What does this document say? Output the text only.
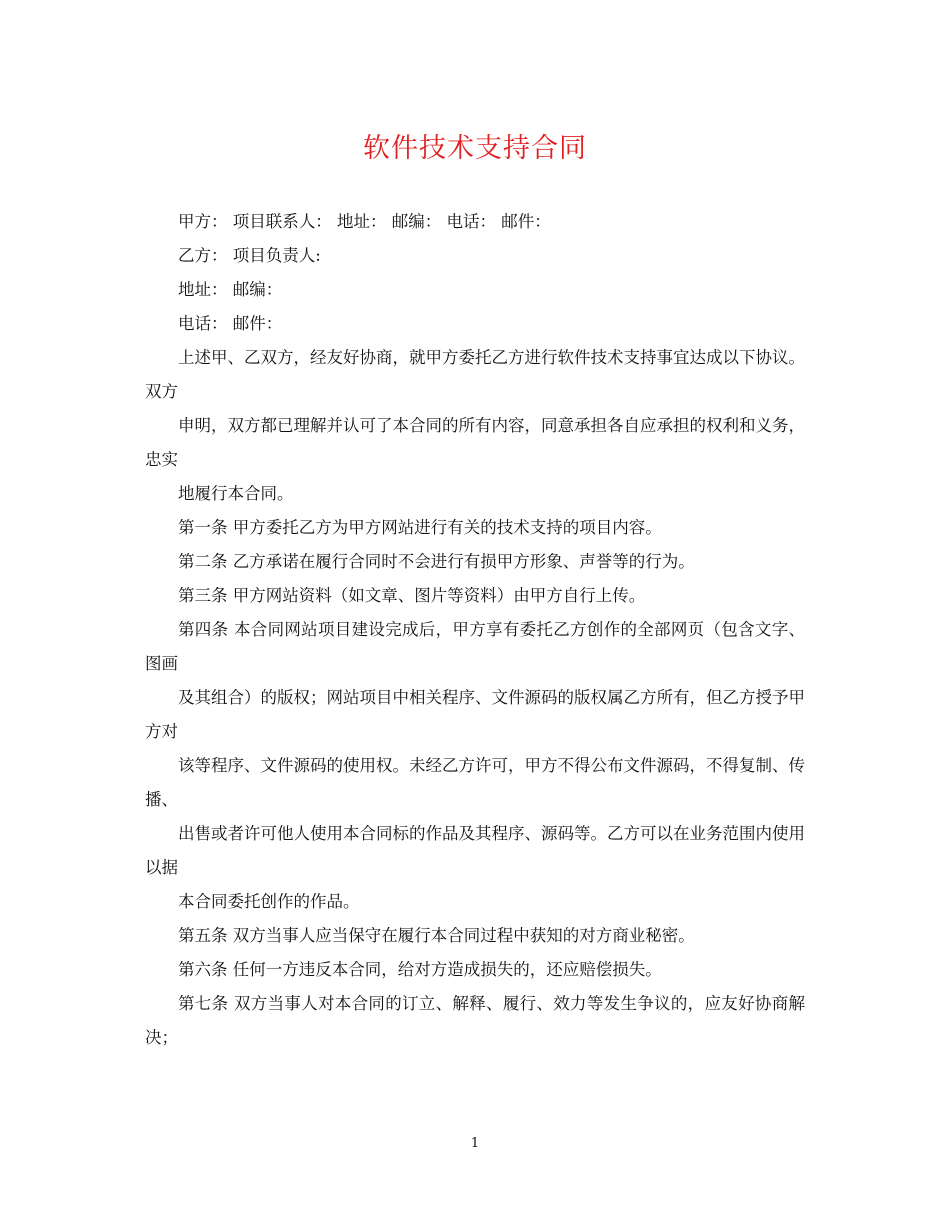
软件技术支持合同

甲方： 项目联系人： 地址： 邮编： 电话： 邮件：

乙方： 项目负责人:

地址： 邮编：

电话： 邮件：

上述甲、乙双方，经友好协商，就甲方委托乙方进行软件技术支持事宜达成以下协议。双方

申明，双方都已理解并认可了本合同的所有内容，同意承担各自应承担的权利和义务，忠实

地履行本合同。

第一条 甲方委托乙方为甲方网站进行有关的技术支持的项目内容。

第二条 乙方承诺在履行合同时不会进行有损甲方形象、声誉等的行为。

第三条 甲方网站资料（如文章、图片等资料）由甲方自行上传。

第四条 本合同网站项目建设完成后，甲方享有委托乙方创作的全部网页（包含文字、图画

及其组合）的版权；网站项目中相关程序、文件源码的版权属乙方所有，但乙方授予甲方对

该等程序、文件源码的使用权。未经乙方许可，甲方不得公布文件源码，不得复制、传播、

出售或者许可他人使用本合同标的作品及其程序、源码等。乙方可以在业务范围内使用以据

本合同委托创作的作品。

第五条 双方当事人应当保守在履行本合同过程中获知的对方商业秘密。

第六条 任何一方违反本合同，给对方造成损失的，还应赔偿损失。

第七条 双方当事人对本合同的订立、解释、履行、效力等发生争议的，应友好协商解决；

1
